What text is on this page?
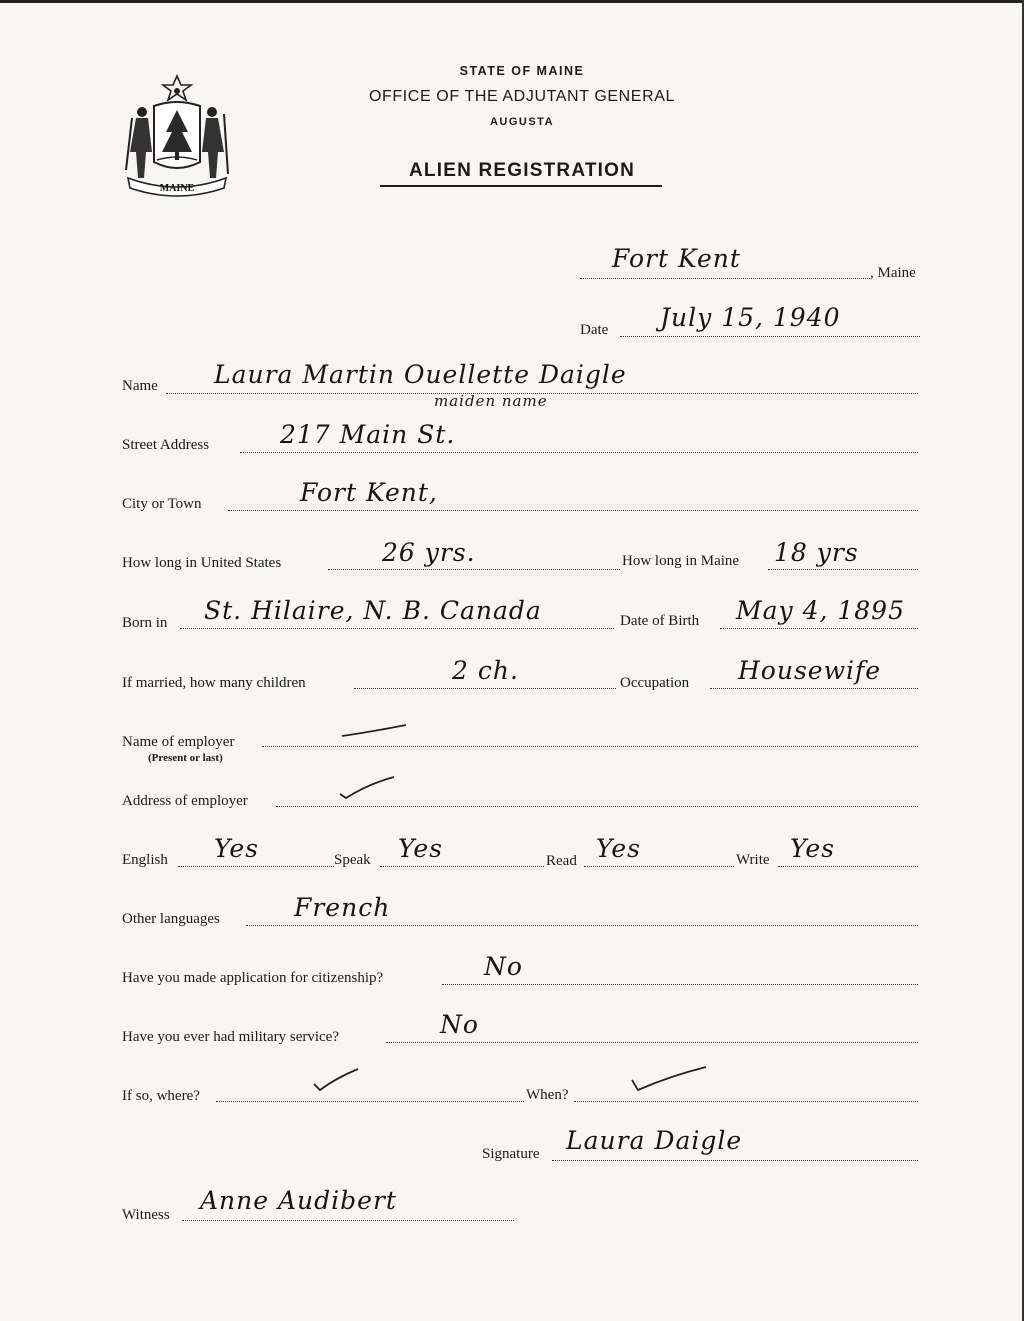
MAINE
STATE OF MAINE
OFFICE OF THE ADJUTANT GENERAL
AUGUSTA
ALIEN REGISTRATION
Fort Kent	, Maine
Date July 15, 1940
Name Laura Martin Ouellette Daigle
maiden name
Street Address	217 Main St.
City or Town	Fort Kent,
How long in United States	26 yrs.	How long in Maine 18 yrs
Born in St. Hilaire, N. B. Canada	Date of Birth May 4, 1895
If married, how many children	2 ch.	Occupation Housewife
Name of employer
(Present or last)
Address of employer
English Yes	Speak Yes	Read Yes	Write Yes
Other languages	French
Have you made application for citizenship?	No
Have you ever had military service?	No
If so, where?	When?
Signature Laura Daigle
Witness Anne Audibert
